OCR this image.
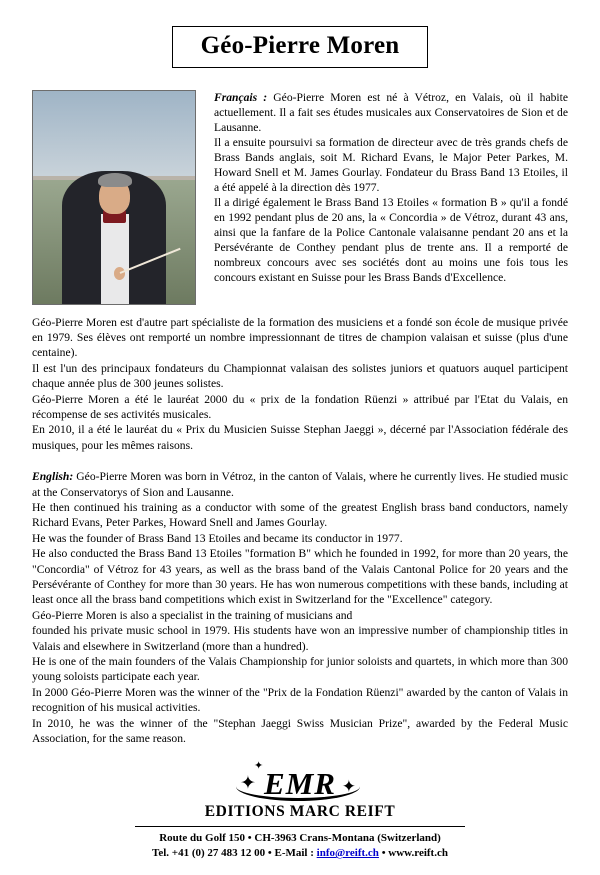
Géo-Pierre Moren

Français : Géo-Pierre Moren est né à Vétroz, en Valais, où il habite actuellement. Il a fait ses études musicales aux Conservatoires de Sion et de Lausanne.

Il a ensuite poursuivi sa formation de directeur avec de très grands chefs de Brass Bands anglais, soit M. Richard Evans, le Major Peter Parkes, M. Howard Snell et M. James Gourlay. Fondateur du Brass Band 13 Etoiles, il a été appelé à la direction dès 1977.

Il a dirigé également le Brass Band 13 Etoiles « formation B » qu'il a fondé en 1992 pendant plus de 20 ans, la « Concordia » de Vétroz, durant 43 ans, ainsi que la fanfare de la Police Cantonale valaisanne pendant 20 ans et la Persévérante de Conthey pendant plus de trente ans. Il a remporté de nombreux concours avec ses sociétés dont au moins une fois tous les concours existant en Suisse pour les Brass Bands d'Excellence.

Géo-Pierre Moren est d'autre part spécialiste de la formation des musiciens et a fondé son école de musique privée en 1979. Ses élèves ont remporté un nombre impressionnant de titres de champion valaisan et suisse (plus d'une centaine).

Il est l'un des principaux fondateurs du Championnat valaisan des solistes juniors et quatuors auquel participent chaque année plus de 300 jeunes solistes.

Géo-Pierre Moren a été le lauréat 2000 du « prix de la fondation Rüenzi » attribué par l'Etat du Valais, en récompense de ses activités musicales.

En 2010, il a été le lauréat du « Prix du Musicien Suisse Stephan Jaeggi », décerné par l'Association fédérale des musiques, pour les mêmes raisons.

English: Géo-Pierre Moren was born in Vétroz, in the canton of Valais, where he currently lives. He studied music at the Conservatorys of Sion and Lausanne.

He then continued his training as a conductor with some of the greatest English brass band conductors, namely Richard Evans, Peter Parkes, Howard Snell and James Gourlay.

He was the founder of Brass Band 13 Etoiles and became its conductor in 1977.

He also conducted the Brass Band 13 Etoiles "formation B" which he founded in 1992, for more than 20 years, the "Concordia" of Vétroz for 43 years, as well as the brass band of the Valais Cantonal Police for 20 years and the Persévérante of Conthey for more than 30 years. He has won numerous competitions with these bands, including at least once all the brass band competitions which exist in Switzerland for the "Excellence" category.

Géo-Pierre Moren is also a specialist in the training of musicians and

founded his private music school in 1979. His students have won an impressive number of championship titles in Valais and elsewhere in Switzerland (more than a hundred).

He is one of the main founders of the Valais Championship for junior soloists and quartets, in which more than 300 young soloists participate each year.

In 2000 Géo-Pierre Moren was the winner of the "Prix de la Fondation Rüenzi" awarded by the canton of Valais in recognition of his musical activities.

In 2010, he was the winner of the "Stephan Jaeggi Swiss Musician Prize", awarded by the Federal Music Association, for the same reason.

✦
✦
✦
EMR
EDITIONS MARC REIFT
Route du Golf 150 • CH-3963 Crans-Montana (Switzerland)
Tel. +41 (0) 27 483 12 00 • E-Mail : info@reift.ch • www.reift.ch
